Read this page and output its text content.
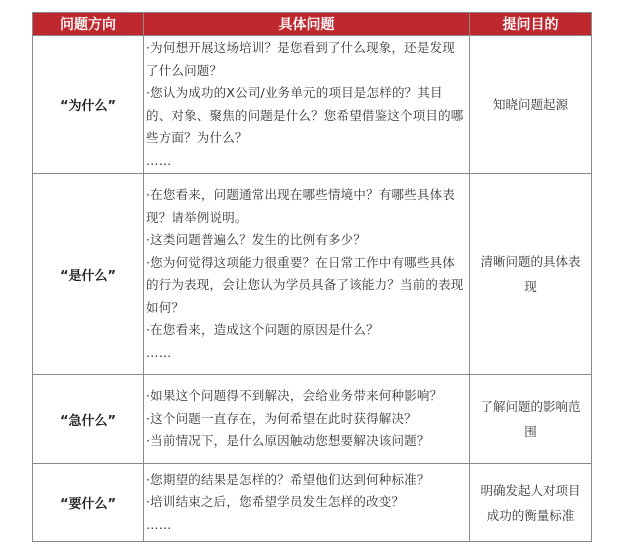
问题方向	具体问题	提问目的
“为什么”	·为何想开展这场培训？是您看到了什么现象，还是发现了什么问题？
·您认为成功的X公司/业务单元的项目是怎样的？其目的、对象、聚焦的问题是什么？您希望借鉴这个项目的哪些方面？为什么？
……	知晓问题起源
“是什么”	·在您看来，问题通常出现在哪些情境中？有哪些具体表现？请举例说明。
·这类问题普遍么？发生的比例有多少？
·您为何觉得这项能力很重要？在日常工作中有哪些具体的行为表现，会让您认为学员具备了该能力？当前的表现如何？
·在您看来，造成这个问题的原因是什么？
……	清晰问题的具体表现
“急什么”	·如果这个问题得不到解决，会给业务带来何种影响？
·这个问题一直存在，为何希望在此时获得解决？
·当前情况下，是什么原因触动您想要解决该问题？	了解问题的影响范围
“要什么”	·您期望的结果是怎样的？希望他们达到何种标准？
·培训结束之后，您希望学员发生怎样的改变？
……	明确发起人对项目成功的衡量标准
